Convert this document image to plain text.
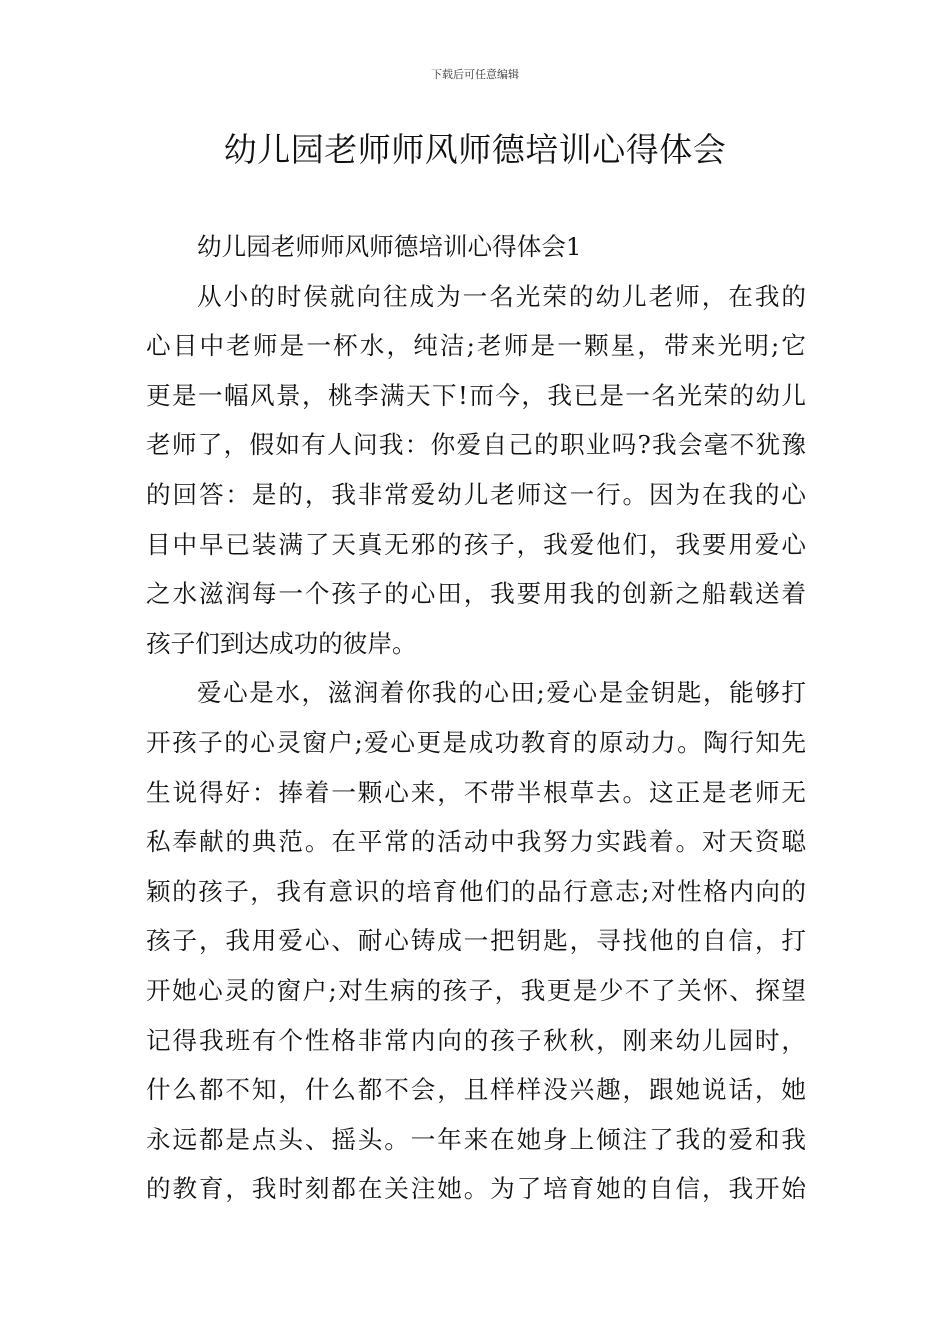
下载后可任意编辑
幼儿园老师师风师德培训心得体会
幼儿园老师师风师德培训心得体会1
从小的时侯就向往成为一名光荣的幼儿老师，在我的
心目中老师是一杯水，纯洁;老师是一颗星，带来光明;它
更是一幅风景，桃李满天下!而今，我已是一名光荣的幼儿
老师了，假如有人问我：你爱自己的职业吗?我会毫不犹豫
的回答：是的，我非常爱幼儿老师这一行。因为在我的心
目中早已装满了天真无邪的孩子，我爱他们，我要用爱心
之水滋润每一个孩子的心田，我要用我的创新之船载送着
孩子们到达成功的彼岸。
爱心是水，滋润着你我的心田;爱心是金钥匙，能够打
开孩子的心灵窗户;爱心更是成功教育的原动力。陶行知先
生说得好：捧着一颗心来，不带半根草去。这正是老师无
私奉献的典范。在平常的活动中我努力实践着。对天资聪
颖的孩子，我有意识的培育他们的品行意志;对性格内向的
孩子，我用爱心、耐心铸成一把钥匙，寻找他的自信，打
开她心灵的窗户;对生病的孩子，我更是少不了关怀、探望
记得我班有个性格非常内向的孩子秋秋，刚来幼儿园时，
什么都不知，什么都不会，且样样没兴趣，跟她说话，她
永远都是点头、摇头。一年来在她身上倾注了我的爱和我
的教育，我时刻都在关注她。为了培育她的自信，我开始
